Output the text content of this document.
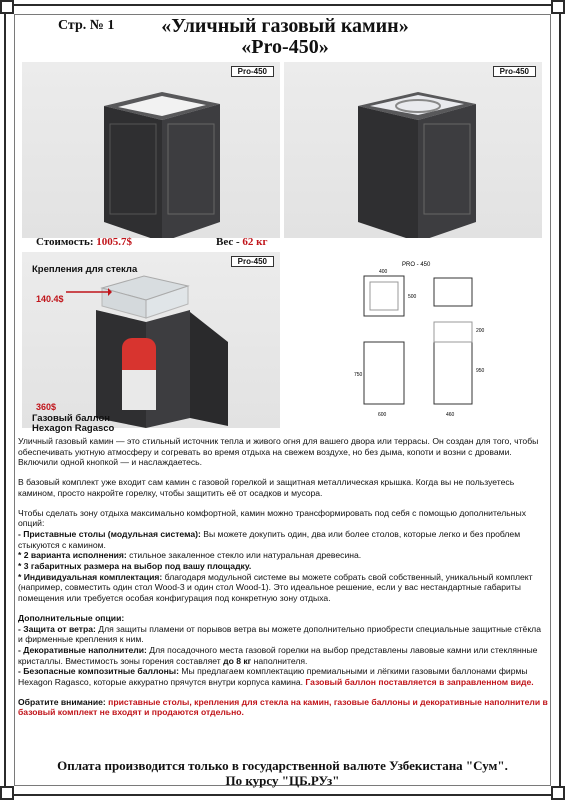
Стр. № 1	«Уличный газовый камин»
«Pro-450»
Pro-450	Pro-450
Стоимость: 1005.7$	Вес - 62 кг
Pro-450
Крепления для стекла
140.4$
360$
Газовый баллон
Hexagon Ragasco
PRO - 450
400
500
750
950
600	460
200

Уличный газовый камин — это стильный источник тепла и живого огня для вашего двора или террасы. Он создан для того, чтобы обеспечивать уютную атмосферу и согревать во время отдыха на свежем воздухе, но без дыма, копоти и возни с дровами. Включили одной кнопкой — и наслаждаетесь.

В базовый комплект уже входит сам камин с газовой горелкой и защитная металлическая крышка. Когда вы не пользуетесь камином, просто накройте горелку, чтобы защитить её от осадков и мусора.

Чтобы сделать зону отдыха максимально комфортной, камин можно трансформировать под себя с помощью дополнительных опций:

- Приставные столы (модульная система): Вы можете докупить один, два или более столов, которые легко и без проблем стыкуются с камином.

* 2 варианта исполнения: стильное закаленное стекло или натуральная древесина.

* 3 габаритных размера на выбор под вашу площадку.

* Индивидуальная комплектация: благодаря модульной системе вы можете собрать свой собственный, уникальный комплект (например, совместить один стол Wood-3 и один стол Wood-1). Это идеальное решение, если у вас нестандартные габариты помещения или требуется особая конфигурация под конкретную зону отдыха.

Дополнительные опции:

- Защита от ветра: Для защиты пламени от порывов ветра вы можете дополнительно приобрести специальные защитные стёкла и фирменные крепления к ним.

- Декоративные наполнители: Для посадочного места газовой горелки на выбор представлены лавовые камни или стеклянные кристаллы. Вместимость зоны горения составляет до 8 кг наполнителя.

- Безопасные композитные баллоны: Мы предлагаем комплектацию премиальными и лёгкими газовыми баллонами фирмы Hexagon Ragasco, которые аккуратно прячутся внутри корпуса камина. Газовый баллон поставляется в заправленном виде.

Обратите внимание: приставные столы, крепления для стекла на камин, газовые баллоны и декоративные наполнители в базовый комплект не входят и продаются отдельно.

Оплата производится только в государственной валюте Узбекистана "Сум".
По курсу "ЦБ.РУз"
